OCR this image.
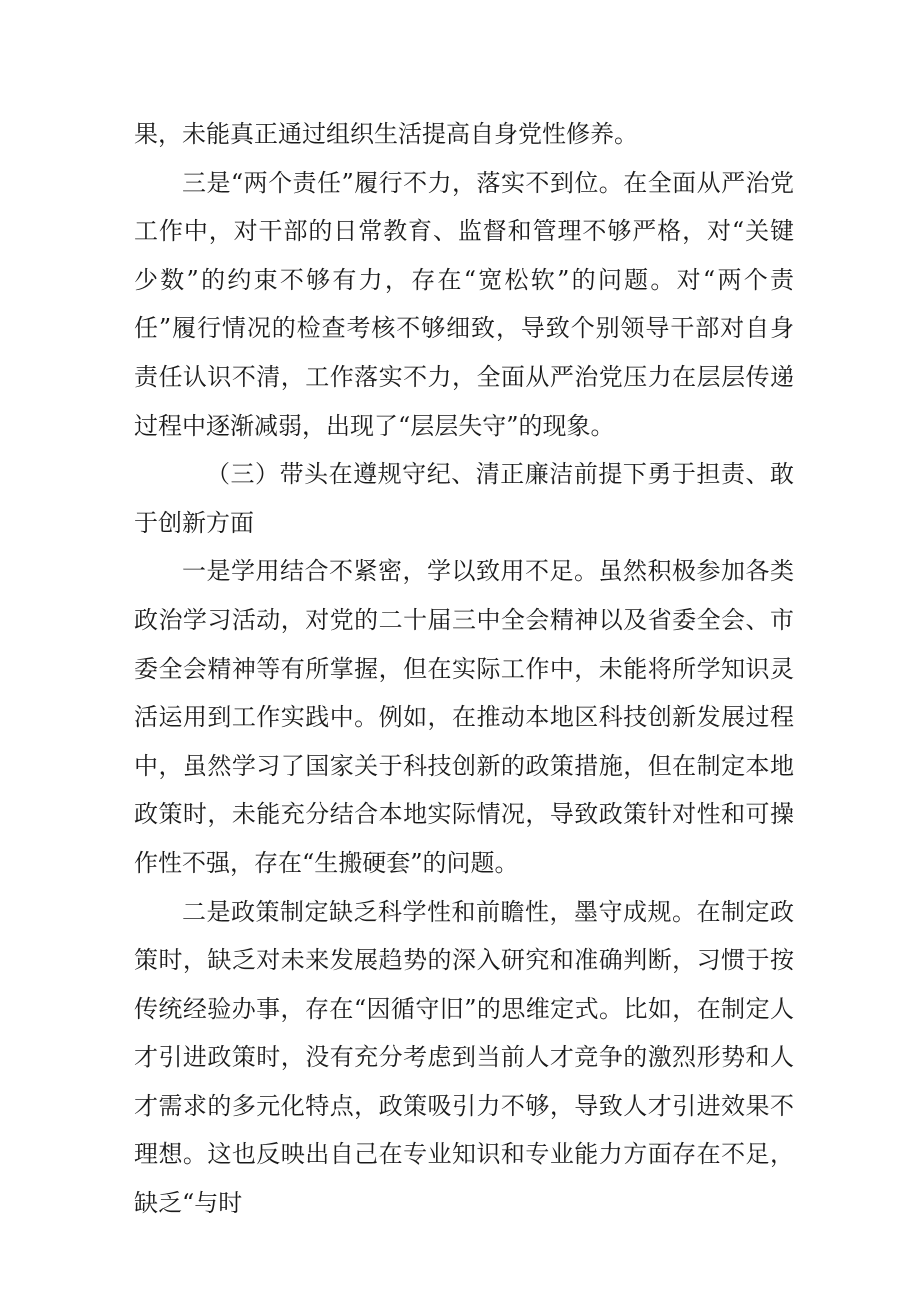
果，未能真正通过组织生活提高自身党性修养。

三是“两个责任”履行不力，落实不到位。在全面从严治党工作中，对干部的日常教育、监督和管理不够严格，对“关键少数”的约束不够有力，存在“宽松软”的问题。对“两个责任”履行情况的检查考核不够细致，导致个别领导干部对自身责任认识不清，工作落实不力，全面从严治党压力在层层传递过程中逐渐减弱，出现了“层层失守”的现象。

（三）带头在遵规守纪、清正廉洁前提下勇于担责、敢于创新方面

一是学用结合不紧密，学以致用不足。虽然积极参加各类政治学习活动，对党的二十届三中全会精神以及省委全会、市委全会精神等有所掌握，但在实际工作中，未能将所学知识灵活运用到工作实践中。例如，在推动本地区科技创新发展过程中，虽然学习了国家关于科技创新的政策措施，但在制定本地政策时，未能充分结合本地实际情况，导致政策针对性和可操作性不强，存在“生搬硬套”的问题。

二是政策制定缺乏科学性和前瞻性，墨守成规。在制定政策时，缺乏对未来发展趋势的深入研究和准确判断，习惯于按传统经验办事，存在“因循守旧”的思维定式。比如，在制定人才引进政策时，没有充分考虑到当前人才竞争的激烈形势和人才需求的多元化特点，政策吸引力不够，导致人才引进效果不理想。这也反映出自己在专业知识和专业能力方面存在不足，缺乏“与时
